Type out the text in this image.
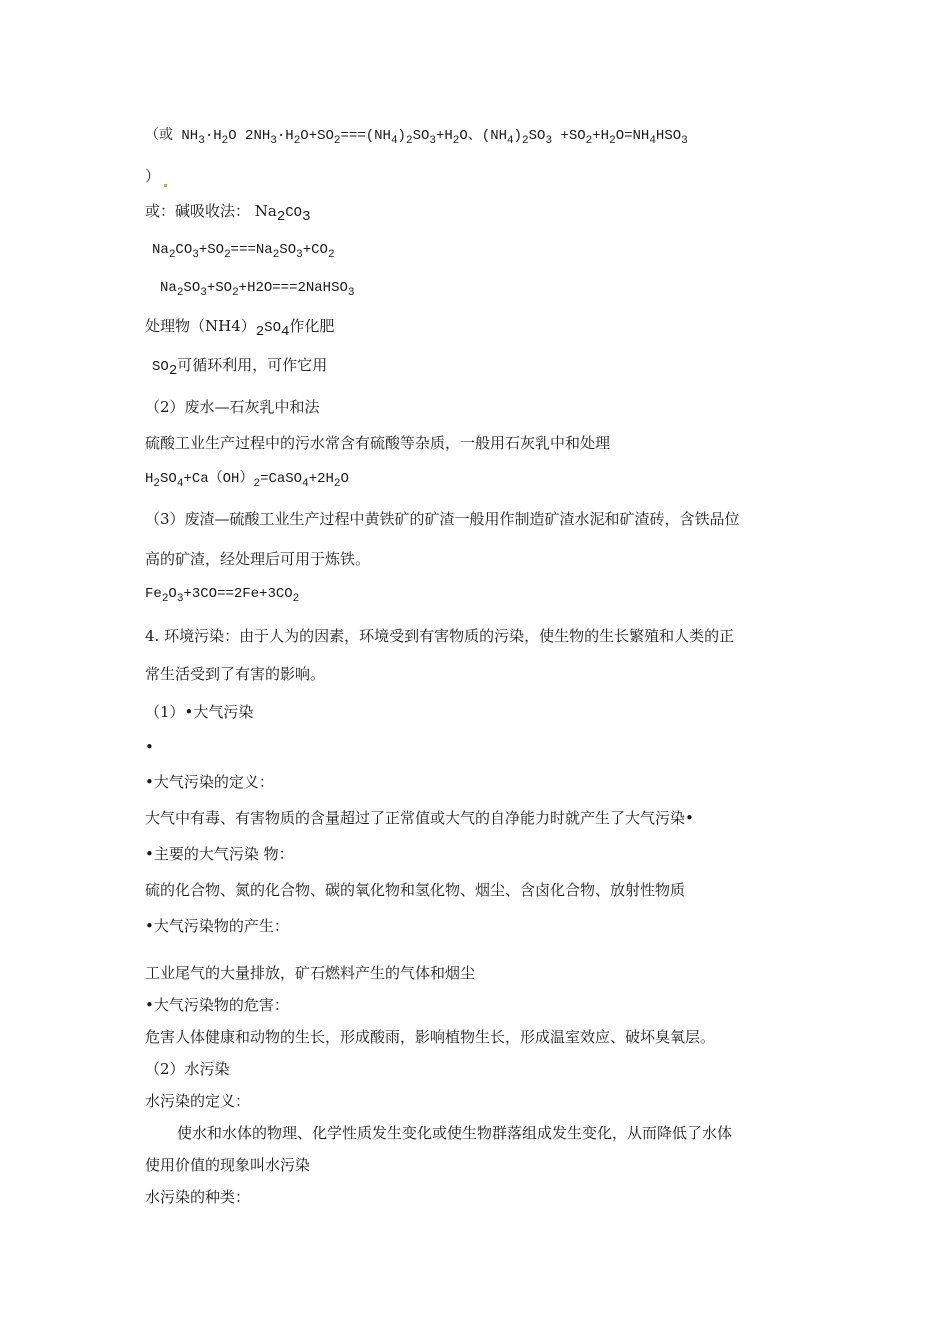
（或 $NH_3\cdot H_2O$ $2NH_3\cdot H_2O+SO_2===(NH_4)_2SO_3+H_2O$、$(NH_4)_2SO_3 +SO_2+H_2O=NH_4HSO_3$
）
或：碱吸收法： $Na_2CO_3$
$Na_2CO_3+SO_2===Na_2SO_3+CO_2$
$Na_2SO_3+SO_2+H2O===2NaHSO_3$
处理物$(NH4)_2SO_4$作化肥
$SO_2$可循环利用，可作它用
（2）废水—石灰乳中和法
硫酸工业生产过程中的污水常含有硫酸等杂质，一般用石灰乳中和处理
$H_2SO_4+Ca(OH)_2=CaSO_4+2H_2O$
（3）废渣—硫酸工业生产过程中黄铁矿的矿渣一般用作制造矿渣水泥和矿渣砖，含铁品位
高的矿渣，经处理后可用于炼铁。
$Fe_2O_3+3CO==2Fe+3CO_2$
4. 环境污染：由于人为的因素，环境受到有害物质的污染，使生物的生长繁殖和人类的正
常生活受到了有害的影响。
（1）•大气污染
•
•大气污染的定义：
大气中有毒、有害物质的含量超过了正常值或大气的自净能力时就产生了大气污染•
•主要的大气污染 物：
硫的化合物、氮的化合物、碳的氧化物和氢化物、烟尘、含卤化合物、放射性物质
•大气污染物的产生：
工业尾气的大量排放，矿石燃料产生的气体和烟尘
•大气污染物的危害：
危害人体健康和动物的生长，形成酸雨，影响植物生长，形成温室效应、破坏臭氧层。
（2）水污染
水污染的定义：
使水和水体的物理、化学性质发生变化或使生物群落组成发生变化，从而降低了水体
使用价值的现象叫水污染
水污染的种类：
